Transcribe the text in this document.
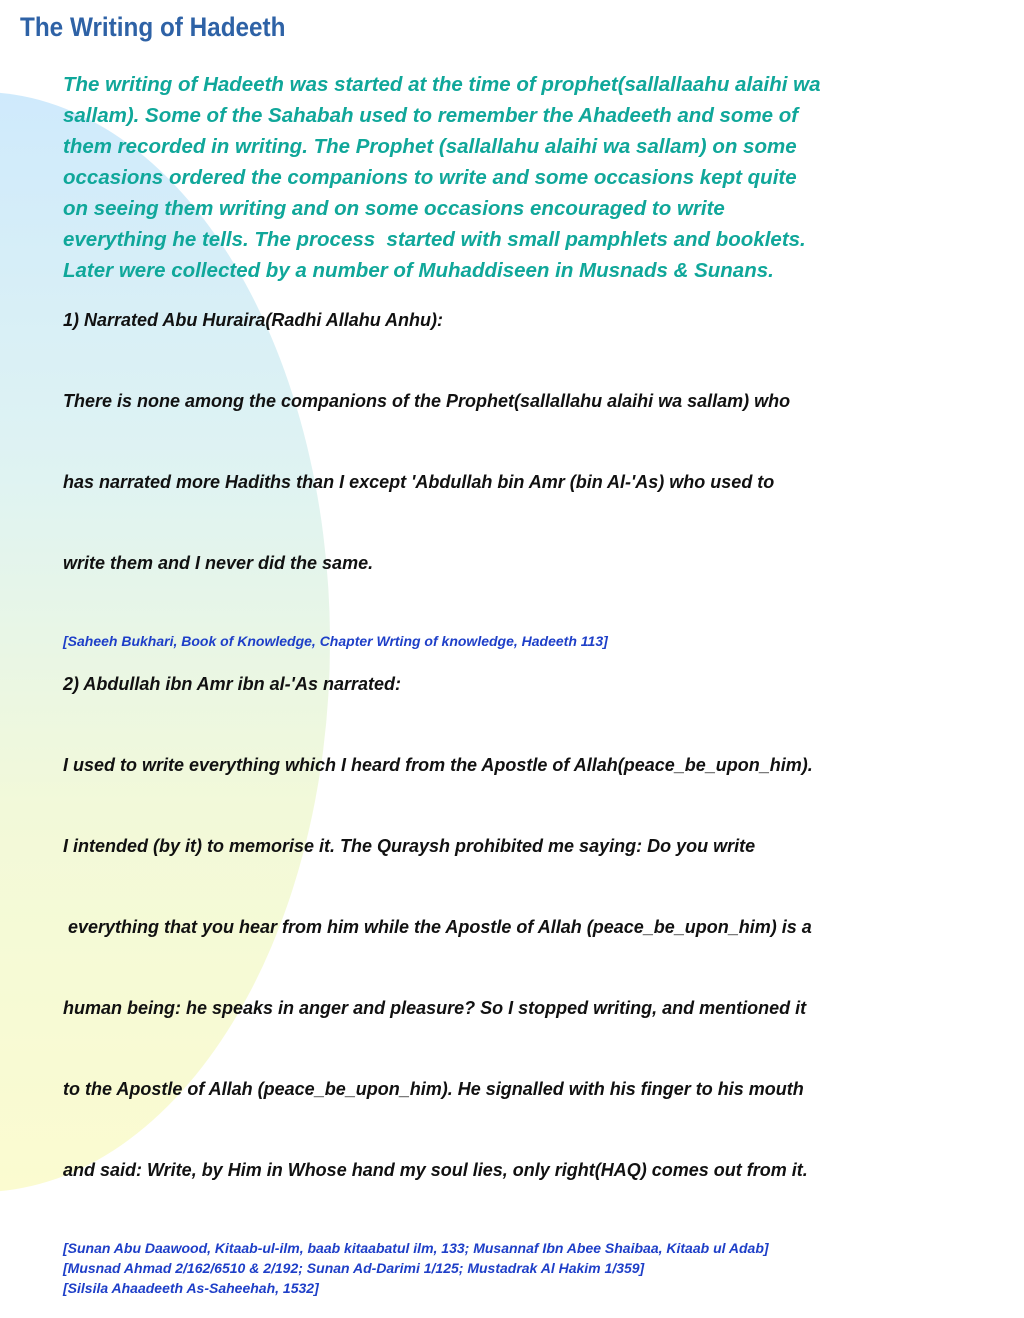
The Writing of Hadeeth

The writing of Hadeeth was started at the time of prophet(sallallaahu alaihi wa
sallam). Some of the Sahabah used to remember the Ahadeeth and some of
them recorded in writing. The Prophet (sallallahu alaihi wa sallam) on some
occasions ordered the companions to write and some occasions kept quite
on seeing them writing and on some occasions encouraged to write
everything he tells. The process  started with small pamphlets and booklets.
Later were collected by a number of Muhaddiseen in Musnads & Sunans.

1) Narrated Abu Huraira(Radhi Allahu Anhu):

There is none among the companions of the Prophet(sallallahu alaihi wa sallam) who

has narrated more Hadiths than I except 'Abdullah bin Amr (bin Al-'As) who used to

write them and I never did the same.

[Saheeh Bukhari, Book of Knowledge, Chapter Wrting of knowledge, Hadeeth 113]

2) Abdullah ibn Amr ibn al-'As narrated:

I used to write everything which I heard from the Apostle of Allah(peace_be_upon_him).

I intended (by it) to memorise it. The Quraysh prohibited me saying: Do you write

everything that you hear from him while the Apostle of Allah (peace_be_upon_him) is a

human being: he speaks in anger and pleasure? So I stopped writing, and mentioned it

to the Apostle of Allah (peace_be_upon_him). He signalled with his finger to his mouth

and said: Write, by Him in Whose hand my soul lies, only right(HAQ) comes out from it.

[Sunan Abu Daawood, Kitaab-ul-ilm, baab kitaabatul ilm, 133; Musannaf Ibn Abee Shaibaa, Kitaab ul Adab]

[Musnad Ahmad 2/162/6510 & 2/192; Sunan Ad-Darimi 1/125; Mustadrak Al Hakim 1/359]

[Silsila Ahaadeeth As-Saheehah, 1532]
